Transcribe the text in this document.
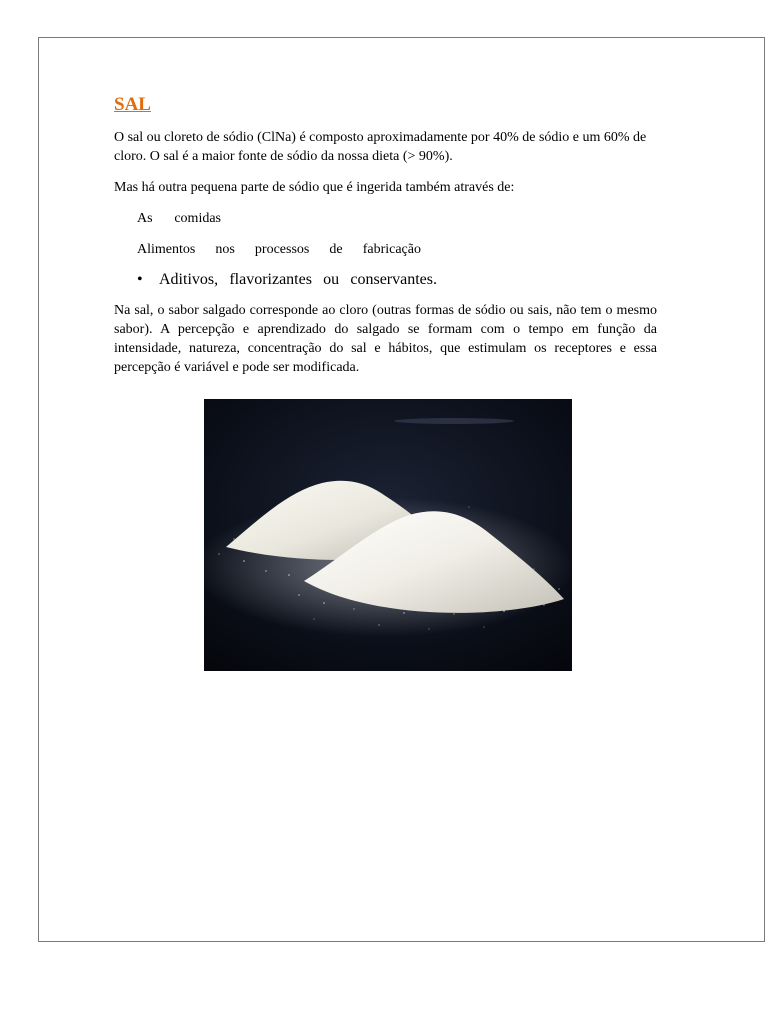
SAL

O sal ou cloreto de sódio (ClNa) é composto aproximadamente por 40% de sódio e um 60% de cloro. O sal é a maior fonte de sódio da nossa dieta (> 90%).

Mas há outra pequena parte de sódio que é ingerida também através de:

As comidas
Alimentos nos processos de fabricação
•	Aditivos, flavorizantes ou conservantes.

Na sal, o sabor salgado corresponde ao cloro (outras formas de sódio ou sais, não tem o mesmo sabor). A percepção e aprendizado do salgado se formam com o tempo em função da intensidade, natureza, concentração do sal e hábitos, que estimulam os receptores e essa percepção é variável e pode ser modificada.
